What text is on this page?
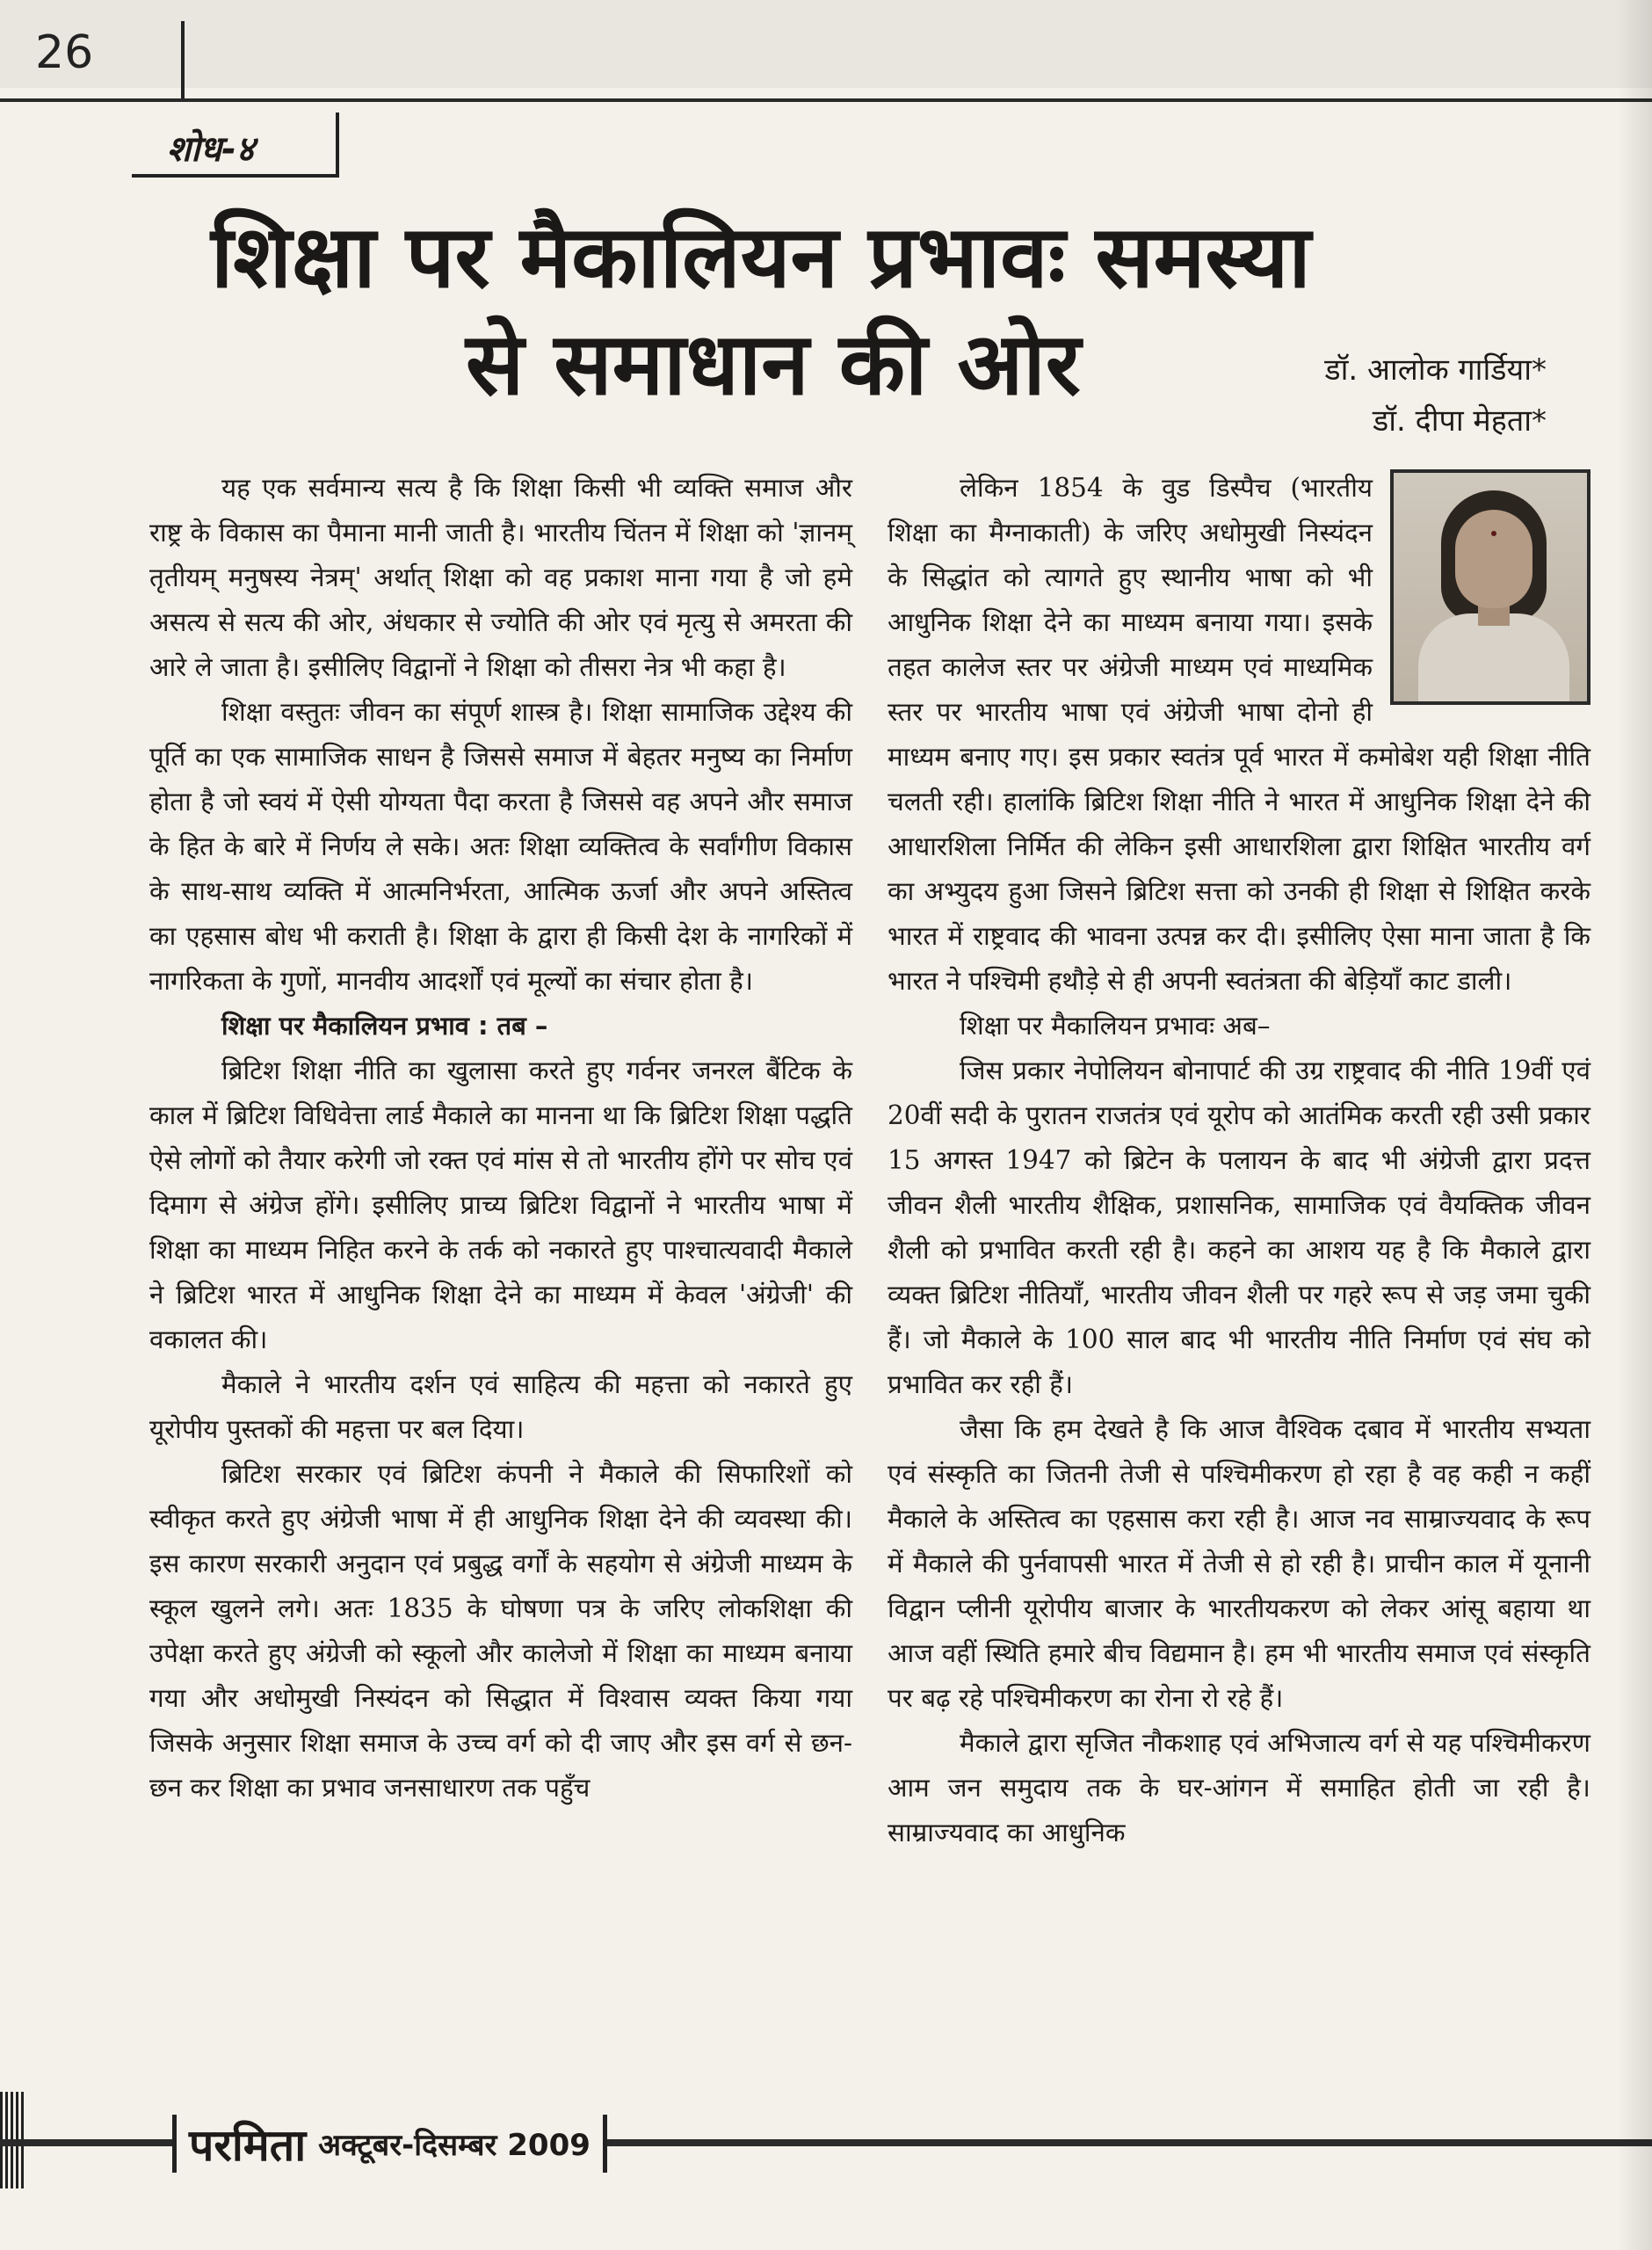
26
शोध-४
शिक्षा पर मैकालियन प्रभावः समस्या
से समाधान की ओर	डॉ. आलोक गार्डिया*
डॉ. दीपा मेहता*

यह एक सर्वमान्य सत्य है कि शिक्षा किसी भी व्यक्ति समाज और राष्ट्र के विकास का पैमाना मानी जाती है। भारतीय चिंतन में शिक्षा को 'ज्ञानम् तृतीयम् मनुषस्य नेत्रम्' अर्थात् शिक्षा को वह प्रकाश माना गया है जो हमे असत्य से सत्य की ओर, अंधकार से ज्योति की ओर एवं मृत्यु से अमरता की आरे ले जाता है। इसीलिए विद्वानों ने शिक्षा को तीसरा नेत्र भी कहा है।

शिक्षा वस्तुतः जीवन का संपूर्ण शास्त्र है। शिक्षा सामाजिक उद्देश्य की पूर्ति का एक सामाजिक साधन है जिससे समाज में बेहतर मनुष्य का निर्माण होता है जो स्वयं में ऐसी योग्यता पैदा करता है जिससे वह अपने और समाज के हित के बारे में निर्णय ले सके। अतः शिक्षा व्यक्तित्व के सर्वांगीण विकास के साथ-साथ व्यक्ति में आत्मनिर्भरता, आत्मिक ऊर्जा और अपने अस्तित्व का एहसास बोध भी कराती है। शिक्षा के द्वारा ही किसी देश के नागरिकों में नागरिकता के गुणों, मानवीय आदर्शों एवं मूल्यों का संचार होता है।

शिक्षा पर मैकालियन प्रभाव : तब –

ब्रिटिश शिक्षा नीति का खुलासा करते हुए गर्वनर जनरल बैंटिक के काल में ब्रिटिश विधिवेत्ता लार्ड मैकाले का मानना था कि ब्रिटिश शिक्षा पद्धति ऐसे लोगों को तैयार करेगी जो रक्त एवं मांस से तो भारतीय होंगे पर सोच एवं दिमाग से अंग्रेज होंगे। इसीलिए प्राच्य ब्रिटिश विद्वानों ने भारतीय भाषा में शिक्षा का माध्यम निहित करने के तर्क को नकारते हुए पाश्चात्यवादी मैकाले ने ब्रिटिश भारत में आधुनिक शिक्षा देने का माध्यम में केवल 'अंग्रेजी' की वकालत की।

मैकाले ने भारतीय दर्शन एवं साहित्य की महत्ता को नकारते हुए यूरोपीय पुस्तकों की महत्ता पर बल दिया।

ब्रिटिश सरकार एवं ब्रिटिश कंपनी ने मैकाले की सिफारिशों को स्वीकृत करते हुए अंग्रेजी भाषा में ही आधुनिक शिक्षा देने की व्यवस्था की। इस कारण सरकारी अनुदान एवं प्रबुद्ध वर्गों के सहयोग से अंग्रेजी माध्यम के स्कूल खुलने लगे। अतः 1835 के घोषणा पत्र के जरिए लोकशिक्षा की उपेक्षा करते हुए अंग्रेजी को स्कूलो और कालेजो में शिक्षा का माध्यम बनाया गया और अधोमुखी निस्यंदन को सिद्धात में विश्वास व्यक्त किया गया जिसके अनुसार शिक्षा समाज के उच्च वर्ग को दी जाए और इस वर्ग से छन-छन कर शिक्षा का प्रभाव जनसाधारण तक पहुँच

लेकिन 1854 के वुड डिस्पैच (भारतीय शिक्षा का मैग्नाकाती) के जरिए अधोमुखी निस्यंदन के सिद्धांत को त्यागते हुए स्थानीय भाषा को भी आधुनिक शिक्षा देने का माध्यम बनाया गया। इसके तहत कालेज स्तर पर अंग्रेजी माध्यम एवं माध्यमिक स्तर पर भारतीय भाषा एवं अंग्रेजी भाषा दोनो ही माध्यम बनाए गए। इस प्रकार स्वतंत्र पूर्व भारत में कमोबेश यही शिक्षा नीति चलती रही। हालांकि ब्रिटिश शिक्षा नीति ने भारत में आधुनिक शिक्षा देने की आधारशिला निर्मित की लेकिन इसी आधारशिला द्वारा शिक्षित भारतीय वर्ग का अभ्युदय हुआ जिसने ब्रिटिश सत्ता को उनकी ही शिक्षा से शिक्षित करके भारत में राष्ट्रवाद की भावना उत्पन्न कर दी। इसीलिए ऐसा माना जाता है कि भारत ने पश्चिमी हथौड़े से ही अपनी स्वतंत्रता की बेड़ियाँ काट डाली।

शिक्षा पर मैकालियन प्रभावः अब–

जिस प्रकार नेपोलियन बोनापार्ट की उग्र राष्ट्रवाद की नीति 19वीं एवं 20वीं सदी के पुरातन राजतंत्र एवं यूरोप को आतंमिक करती रही उसी प्रकार 15 अगस्त 1947 को ब्रिटेन के पलायन के बाद भी अंग्रेजी द्वारा प्रदत्त जीवन शैली भारतीय शैक्षिक, प्रशासनिक, सामाजिक एवं वैयक्तिक जीवन शैली को प्रभावित करती रही है। कहने का आशय यह है कि मैकाले द्वारा व्यक्त ब्रिटिश नीतियाँ, भारतीय जीवन शैली पर गहरे रूप से जड़ जमा चुकी हैं। जो मैकाले के 100 साल बाद भी भारतीय नीति निर्माण एवं संघ को प्रभावित कर रही हैं।

जैसा कि हम देखते है कि आज वैश्विक दबाव में भारतीय सभ्यता एवं संस्कृति का जितनी तेजी से पश्चिमीकरण हो रहा है वह कही न कहीं मैकाले के अस्तित्व का एहसास करा रही है। आज नव साम्राज्यवाद के रूप में मैकाले की पुर्नवापसी भारत में तेजी से हो रही है। प्राचीन काल में यूनानी विद्वान प्लीनी यूरोपीय बाजार के भारतीयकरण को लेकर आंसू बहाया था आज वहीं स्थिति हमारे बीच विद्यमान है। हम भी भारतीय समाज एवं संस्कृति पर बढ़ रहे पश्चिमीकरण का रोना रो रहे हैं।

मैकाले द्वारा सृजित नौकशाह एवं अभिजात्य वर्ग से यह पश्चिमीकरण आम जन समुदाय तक के घर-आंगन में समाहित होती जा रही है। साम्राज्यवाद का आधुनिक

परमिता अक्टूबर-दिसम्बर 2009
